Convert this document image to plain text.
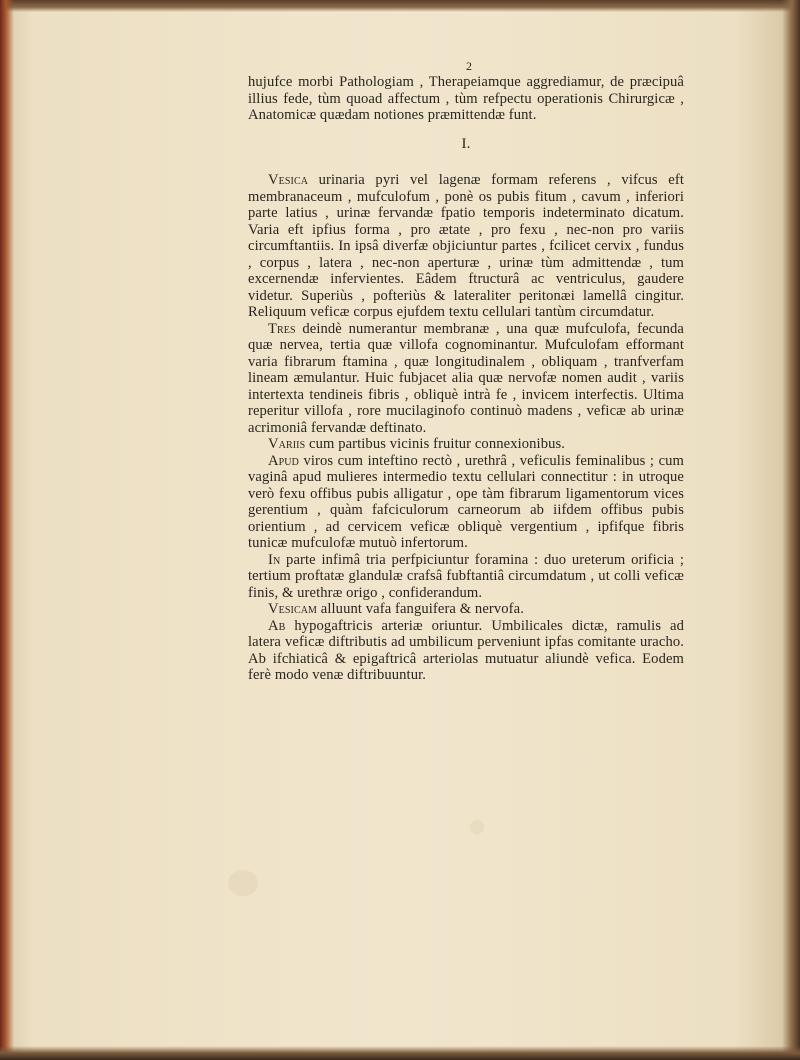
2

hujufce morbi Pathologiam , Therapeiamque aggrediamur, de præcipuâ illius fede, tùm quoad affectum , tùm refpectu operationis Chirurgicæ , Anatomicæ quædam notiones præmittendæ funt.

I.

Vesica urinaria pyri vel lagenæ formam referens , vifcus eft membranaceum , mufculofum , ponè os pubis fitum , cavum , inferiori parte latius , urinæ fervandæ fpatio temporis indeterminato dicatum. Varia eft ipfius forma , pro ætate , pro fexu , nec-non pro variis circumftantiis. In ipsâ diverfæ objiciuntur partes , fcilicet cervix , fundus , corpus , latera , nec-non aperturæ , urinæ tùm admittendæ , tum excernendæ infervientes. Eâdem ftructurâ ac ventriculus, gaudere videtur. Superiùs , pofteriùs & lateraliter peritonæi lamellâ cingitur. Reliquum veficæ corpus ejufdem textu cellulari tantùm circumdatur.

Tres deindè numerantur membranæ , una quæ mufculofa, fecunda quæ nervea, tertia quæ villofa cognominantur. Mufculofam efformant varia fibrarum ftamina , quæ longitudinalem , obliquam , tranfverfam lineam æmulantur. Huic fubjacet alia quæ nervofæ nomen audit , variis intertexta tendineis fibris , obliquè intrà fe , invicem interfectis. Ultima reperitur villofa , rore mucilaginofo continuò madens , veficæ ab urinæ acrimoniâ fervandæ deftinato.

Variis cum partibus vicinis fruitur connexionibus.

Apud viros cum inteftino rectò , urethrâ , veficulis feminalibus ; cum vaginâ apud mulieres intermedio textu cellulari connectitur : in utroque verò fexu offibus pubis alligatur , ope tàm fibrarum ligamentorum vices gerentium , quàm fafciculorum carneorum ab iifdem offibus pubis orientium , ad cervicem veficæ obliquè vergentium , ipfifque fibris tunicæ mufculofæ mutuò infertorum.

In parte infimâ tria perfpiciuntur foramina : duo ureterum orificia ; tertium proftatæ glandulæ crafsâ fubftantiâ circumdatum , ut colli veficæ finis, & urethræ origo , confiderandum.

Vesicam alluunt vafa fanguifera & nervofa.

Ab hypogaftricis arteriæ oriuntur. Umbilicales dictæ, ramulis ad latera veficæ diftributis ad umbilicum perveniunt ipfas comitante uracho. Ab ifchiaticâ & epigaftricâ arteriolas mutuatur aliundè vefica. Eodem ferè modo venæ diftribuuntur.
